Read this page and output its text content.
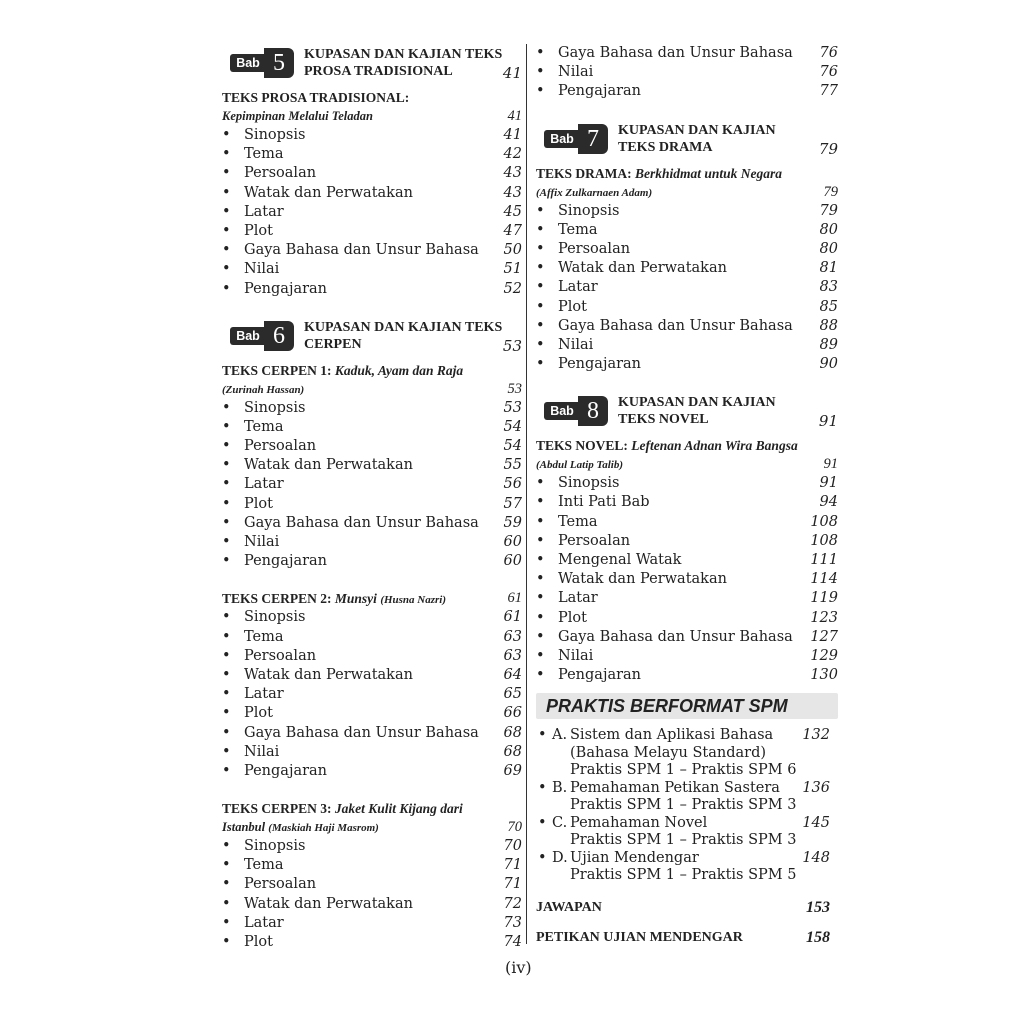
Bab 5	KUPASAN DAN KAJIAN TEKS
PROSA TRADISIONAL	41
TEKS PROSA TRADISIONAL:
Kepimpinan Melalui Teladan	41
• Sinopsis	41
• Tema	42
• Persoalan	43
• Watak dan Perwatakan	43
• Latar	45
• Plot	47
• Gaya Bahasa dan Unsur Bahasa 50
• Nilai	51
• Pengajaran	52
Bab 6	KUPASAN DAN KAJIAN TEKS
CERPEN	53
TEKS CERPEN 1: Kaduk, Ayam dan Raja
(Zurinah Hassan)	53
• Sinopsis	53
• Tema	54
• Persoalan	54
• Watak dan Perwatakan	55
• Latar	56
• Plot	57
• Gaya Bahasa dan Unsur Bahasa 59
• Nilai	60
• Pengajaran	60
TEKS CERPEN 2: Munsyi (Husna Nazri)	61
• Sinopsis	61
• Tema	63
• Persoalan	63
• Watak dan Perwatakan	64
• Latar	65
• Plot	66
• Gaya Bahasa dan Unsur Bahasa 68
• Nilai	68
• Pengajaran	69
TEKS CERPEN 3: Jaket Kulit Kijang dari
Istanbul (Maskiah Haji Masrom)	70
• Sinopsis	70
• Tema	71
• Persoalan	71
• Watak dan Perwatakan	72
• Latar	73
• Plot	74
• Gaya Bahasa dan Unsur Bahasa 76
• Nilai	76
• Pengajaran	77
Bab 7	KUPASAN DAN KAJIAN
TEKS DRAMA	79
TEKS DRAMA: Berkhidmat untuk Negara
(Affix Zulkarnaen Adam)	79
• Sinopsis	79
• Tema	80
• Persoalan	80
• Watak dan Perwatakan	81
• Latar	83
• Plot	85
• Gaya Bahasa dan Unsur Bahasa 88
• Nilai	89
• Pengajaran	90
Bab 8	KUPASAN DAN KAJIAN
TEKS NOVEL	91
TEKS NOVEL: Leftenan Adnan Wira Bangsa
(Abdul Latip Talib)	91
• Sinopsis	91
• Inti Pati Bab	94
• Tema	108
• Persoalan	108
• Mengenal Watak	111
• Watak dan Perwatakan	114
• Latar	119
• Plot	123
• Gaya Bahasa dan Unsur Bahasa 127
• Nilai	129
• Pengajaran	130
PRAKTIS BERFORMAT SPM
• A. Sistem dan Aplikasi Bahasa
(Bahasa Melayu Standard)
Praktis SPM 1 – Praktis SPM 6
132
• B. Pemahaman Petikan Sastera
Praktis SPM 1 – Praktis SPM 3
136
• C. Pemahaman Novel
Praktis SPM 1 – Praktis SPM 3
145
• D. Ujian Mendengar
Praktis SPM 1 – Praktis SPM 5
148
JAWAPAN	153
PETIKAN UJIAN MENDENGAR	158
(iv)
